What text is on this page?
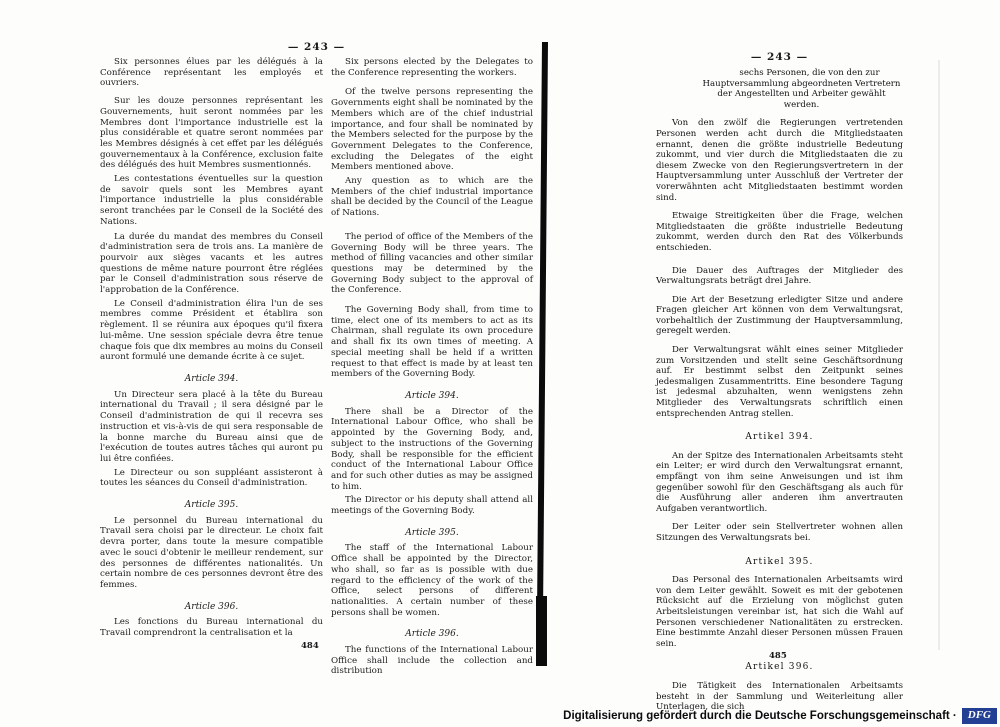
— 243 —
— 243 —
Six personnes élues par les délégués à la Conférence représentant les employés et ouvriers.
Sur les douze personnes représentant les Gouvernements, huit seront nommées par les Membres dont l'importance industrielle est la plus considérable et quatre seront nommées par les Membres désignés à cet effet par les délégués gouvernementaux à la Conférence, exclusion faite des délégués des huit Membres susmentionnés.
Les contestations éventuelles sur la question de savoir quels sont les Membres ayant l'importance industrielle la plus considérable seront tranchées par le Conseil de la Société des Nations.
La durée du mandat des membres du Conseil d'administration sera de trois ans. La manière de pourvoir aux sièges vacants et les autres questions de même nature pourront être réglées par le Conseil d'administration sous réserve de l'approbation de la Conférence.
Le Conseil d'administration élira l'un de ses membres comme Président et établira son règlement. Il se réunira aux époques qu'il fixera lui-même. Une session spéciale devra être tenue chaque fois que dix membres au moins du Conseil auront formulé une demande écrite à ce sujet.
Article 394.
Un Directeur sera placé à la tête du Bureau international du Travail ; il sera désigné par le Conseil d'administration de qui il recevra ses instruction et vis-à-vis de qui sera responsable de la bonne marche du Bureau ainsi que de l'exécution de toutes autres tâches qui auront pu lui être confiées.
Le Directeur ou son suppléant assisteront à toutes les séances du Conseil d'administration.
Article 395.
Le personnel du Bureau international du Travail sera choisi par le directeur. Le choix fait devra porter, dans toute la mesure compatible avec le souci d'obtenir le meilleur rendement, sur des personnes de différentes nationalités. Un certain nombre de ces personnes devront être des femmes.
Article 396.
Les fonctions du Bureau international du Travail comprendront la centralisation et la
Six persons elected by the Delegates to the Conference representing the workers.
Of the twelve persons representing the Governments eight shall be nominated by the Members which are of the chief industrial importance, and four shall be nominated by the Members selected for the purpose by the Government Delegates to the Conference, excluding the Delegates of the eight Members mentioned above.
Any question as to which are the Members of the chief industrial importance shall be decided by the Council of the League of Nations.
The period of office of the Members of the Governing Body will be three years. The method of filling vacancies and other similar questions may be determined by the Governing Body subject to the approval of the Conference.
The Governing Body shall, from time to time, elect one of its members to act as its Chairman, shall regulate its own procedure and shall fix its own times of meeting. A special meeting shall be held if a written request to that effect is made by at least ten members of the Governing Body.
Article 394.
There shall be a Director of the International Labour Office, who shall be appointed by the Governing Body, and, subject to the instructions of the Governing Body, shall be responsible for the efficient conduct of the International Labour Office and for such other duties as may be assigned to him.
The Director or his deputy shall attend all meetings of the Governing Body.
Article 395.
The staff of the International Labour Office shall be appointed by the Director, who shall, so far as is possible with due regard to the efficiency of the work of the Office, select persons of different nationalities. A certain number of these persons shall be women.
Article 396.
The functions of the International Labour Office shall include the collection and distribution
sechs Personen, die von den zur Hauptversammlung abgeordneten Vertretern der Angestellten und Arbeiter gewählt werden.
Von den zwölf die Regierungen vertretenden Personen werden acht durch die Mitgliedstaaten ernannt, denen die größte industrielle Bedeutung zukommt, und vier durch die Mitgliedstaaten die zu diesem Zwecke von den Regierungsvertretern in der Hauptversammlung unter Ausschluß der Vertreter der vorerwähnten acht Mitgliedstaaten bestimmt worden sind.
Etwaige Streitigkeiten über die Frage, welchen Mitgliedstaaten die größte industrielle Bedeutung zukommt, werden durch den Rat des Völkerbunds entschieden.
Die Dauer des Auftrages der Mitglieder des Verwaltungsrats beträgt drei Jahre.
Die Art der Besetzung erledigter Sitze und andere Fragen gleicher Art können von dem Verwaltungsrat, vorbehaltlich der Zustimmung der Hauptversammlung, geregelt werden.
Der Verwaltungsrat wählt eines seiner Mitglieder zum Vorsitzenden und stellt seine Geschäftsordnung auf. Er bestimmt selbst den Zeitpunkt seines jedesmaligen Zusammentritts. Eine besondere Tagung ist jedesmal abzuhalten, wenn wenigstens zehn Mitglieder des Verwaltungsrats schriftlich einen entsprechenden Antrag stellen.
Artikel 394.
An der Spitze des Internationalen Arbeitsamts steht ein Leiter; er wird durch den Verwaltungsrat ernannt, empfängt von ihm seine Anweisungen und ist ihm gegenüber sowohl für den Geschäftsgang als auch für die Ausführung aller anderen ihm anvertrauten Aufgaben verantwortlich.
Der Leiter oder sein Stellvertreter wohnen allen Sitzungen des Verwaltungsrats bei.
Artikel 395.
Das Personal des Internationalen Arbeitsamts wird von dem Leiter gewählt. Soweit es mit der gebotenen Rücksicht auf die Erzielung von möglichst guten Arbeitsleistungen vereinbar ist, hat sich die Wahl auf Personen verschiedener Nationalitäten zu erstrecken. Eine bestimmte Anzahl dieser Personen müssen Frauen sein.
Artikel 396.
Die Tätigkeit des Internationalen Arbeitsamts besteht in der Sammlung und Weiterleitung aller Unterlagen, die sich
484
485
Digitalisierung gefördert durch die Deutsche Forschungsgemeinschaft ·	DFG
